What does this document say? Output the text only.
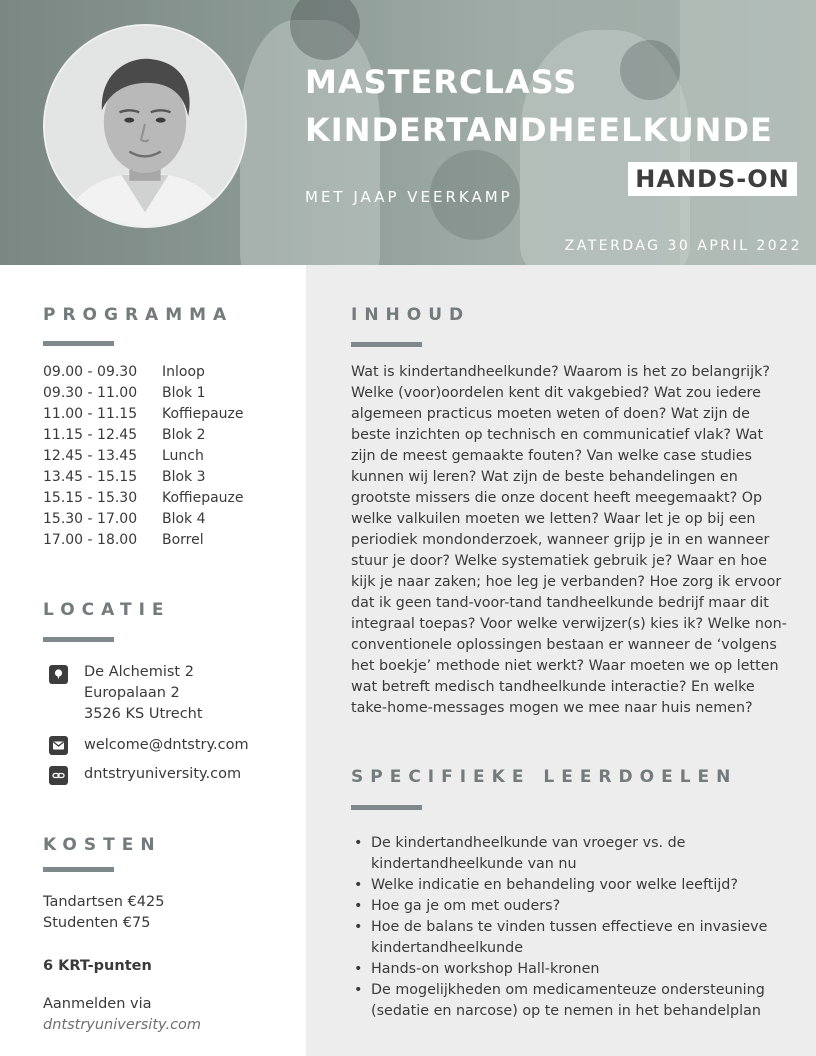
MASTERCLASS
KINDERTANDHEELKUNDE
HANDS-ON
MET JAAP VEERKAMP
ZATERDAG 30 APRIL 2022
PROGRAMMA
09.00 - 09.30	Inloop
09.30 - 11.00	Blok 1
11.00 - 11.15	Koffiepauze
11.15 - 12.45	Blok 2
12.45 - 13.45	Lunch
13.45 - 15.15	Blok 3
15.15 - 15.30	Koffiepauze
15.30 - 17.00	Blok 4
17.00 - 18.00	Borrel
LOCATIE
De Alchemist 2
Europalaan 2
3526 KS Utrecht
welcome@dntstry.com
dntstryuniversity.com
KOSTEN
Tandartsen €425
Studenten €75
6 KRT-punten
Aanmelden via
dntstryuniversity.com
INHOUD
Wat is kindertandheelkunde? Waarom is het zo belangrijk? Welke (voor)oordelen kent dit vakgebied? Wat zou iedere algemeen practicus moeten weten of doen? Wat zijn de beste inzichten op technisch en communicatief vlak? Wat zijn de meest gemaakte fouten? Van welke case studies kunnen wij leren? Wat zijn de beste behandelingen en grootste missers die onze docent heeft meegemaakt? Op welke valkuilen moeten we letten? Waar let je op bij een periodiek mondonderzoek, wanneer grijp je in en wanneer stuur je door? Welke systematiek gebruik je? Waar en hoe kijk je naar zaken; hoe leg je verbanden? Hoe zorg ik ervoor dat ik geen tand-voor-tand tandheelkunde bedrijf maar dit integraal toepas? Voor welke verwijzer(s) kies ik? Welke non-conventionele oplossingen bestaan er wanneer de ‘volgens het boekje’ methode niet werkt? Waar moeten we op letten wat betreft medisch tandheelkunde interactie? En welke take-home-messages mogen we mee naar huis nemen?
SPECIFIEKE LEERDOELEN
• De kindertandheelkunde van vroeger vs. de kindertandheelkunde van nu
• Welke indicatie en behandeling voor welke leeftijd?
• Hoe ga je om met ouders?
• Hoe de balans te vinden tussen effectieve en invasieve kindertandheelkunde
• Hands-on workshop Hall-kronen
• De mogelijkheden om medicamenteuze ondersteuning (sedatie en narcose) op te nemen in het behandelplan
